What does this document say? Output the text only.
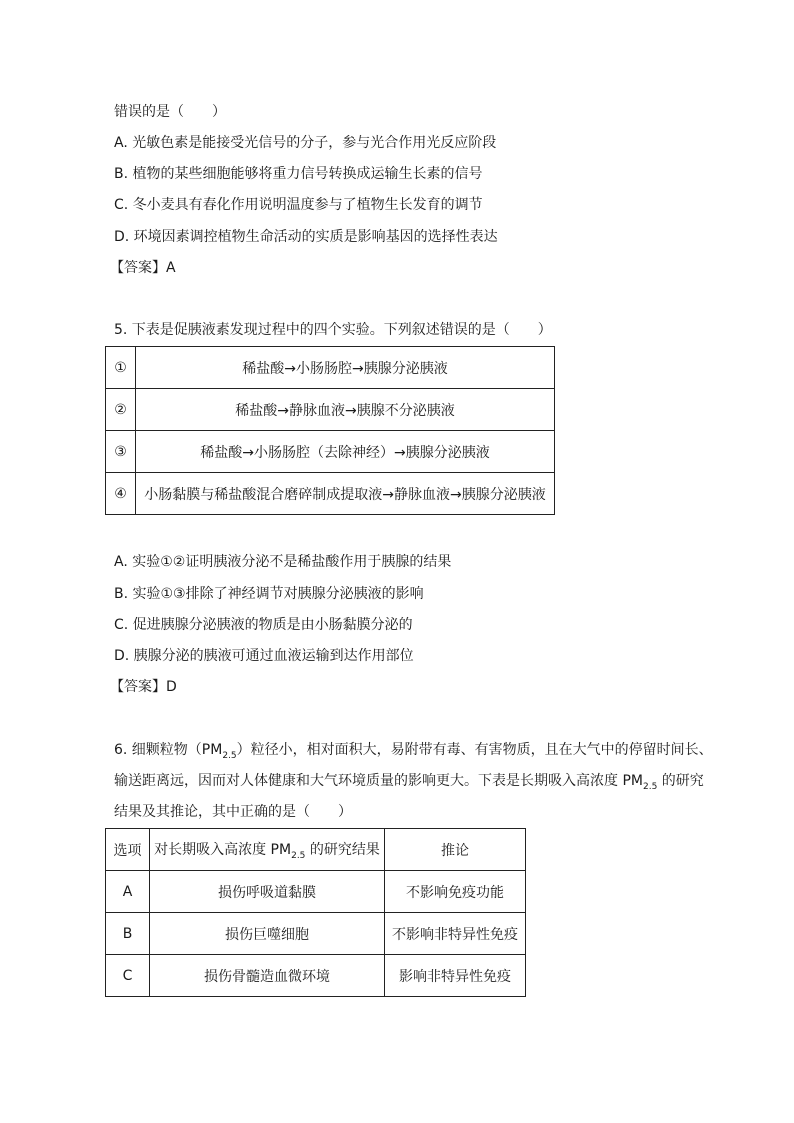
错误的是（　　）
A. 光敏色素是能接受光信号的分子，参与光合作用光反应阶段
B. 植物的某些细胞能够将重力信号转换成运输生长素的信号
C. 冬小麦具有春化作用说明温度参与了植物生长发育的调节
D. 环境因素调控植物生命活动的实质是影响基因的选择性表达
【答案】A
5. 下表是促胰液素发现过程中的四个实验。下列叙述错误的是（　　）
①	稀盐酸→小肠肠腔→胰腺分泌胰液
②	稀盐酸→静脉血液→胰腺不分泌胰液
③	稀盐酸→小肠肠腔（去除神经）→胰腺分泌胰液
④	小肠黏膜与稀盐酸混合磨碎制成提取液→静脉血液→胰腺分泌胰液
A. 实验①②证明胰液分泌不是稀盐酸作用于胰腺的结果
B. 实验①③排除了神经调节对胰腺分泌胰液的影响
C. 促进胰腺分泌胰液的物质是由小肠黏膜分泌的
D. 胰腺分泌的胰液可通过血液运输到达作用部位
【答案】D
6. 细颗粒物$(PM_{2.5})$粒径小，相对面积大，易附带有毒、有害物质，且在大气中的停留时间长、
输送距离远，因而对人体健康和大气环境质量的影响更大。下表是长期吸入高浓度 $PM_{2.5}$ 的研究
结果及其推论，其中正确的是（　　）
选项	对长期吸入高浓度 $PM_{2.5}$ 的研究结果	推论
A	损伤呼吸道黏膜	不影响免疫功能
B	损伤巨噬细胞	不影响非特异性免疫
C	损伤骨髓造血微环境	影响非特异性免疫
